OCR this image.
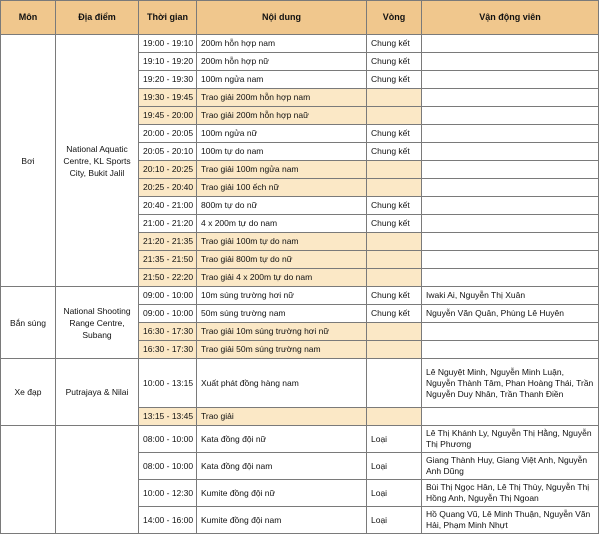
Môn	Địa điểm	Thời gian	Nội dung	Vòng	Vận động viên
Bơi	National Aquatic Centre, KL Sports City, Bukit Jalil	19:00 - 19:10	200m hỗn hợp nam	Chung kết	
		19:10 - 19:20	200m hỗn hợp nữ	Chung kết	
		19:20 - 19:30	100m ngửa nam	Chung kết	
		19:30 - 19:45	Trao giải 200m hỗn hợp nam		
		19:45 - 20:00	Trao giải 200m hỗn hợp naữ		
		20:00 - 20:05	100m ngửa nữ	Chung kết	
		20:05 - 20:10	100m tự do nam	Chung kết	
		20:10 - 20:25	Trao giải 100m ngửa nam		
		20:25 - 20:40	Trao giải 100 ếch nữ		
		20:40 - 21:00	800m tự do nữ	Chung kết	
		21:00 - 21:20	4 x 200m tự do nam	Chung kết	
		21:20 - 21:35	Trao giải 100m tự do nam		
		21:35 - 21:50	Trao giải 800m tự do nữ		
		21:50 - 22:20	Trao giải 4 x 200m tự do nam		
Bắn súng	National Shooting Range Centre, Subang	09:00 - 10:00	10m súng trường hơi nữ	Chung kết	Iwaki Ai, Nguyễn Thị Xuân
		09:00 - 10:00	50m súng trường nam	Chung kết	Nguyễn Văn Quân, Phùng Lê Huyên
		16:30 - 17:30	Trao giải 10m súng trường hơi nữ		
		16:30 - 17:30	Trao giải 50m súng trường nam		
Xe đạp	Putrajaya & Nilai	10:00 - 13:15	Xuất phát đồng hàng nam		Lê Nguyệt Minh, Nguyễn Minh Luận, Nguyễn Thành Tâm, Phan Hoàng Thái, Trần Nguyễn Duy Nhân, Trần Thanh Điền
		13:15 - 13:45	Trao giải		
		08:00 - 10:00	Kata đồng đội nữ	Loại	Lê Thị Khánh Ly, Nguyễn Thị Hằng, Nguyễn Thị Phương
		08:00 - 10:00	Kata đồng đội nam	Loại	Giang Thành Huy, Giang Việt Anh, Nguyễn Anh Dũng
		10:00 - 12:30	Kumite đồng đội nữ	Loại	Bùi Thị Ngọc Hân, Lê Thị Thùy, Nguyễn Thị Hồng Anh, Nguyễn Thị Ngoan
		14:00 - 16:00	Kumite đồng đội nam	Loại	Hồ Quang Vũ, Lê Minh Thuận, Nguyễn Văn Hải, Phạm Minh Nhựt
